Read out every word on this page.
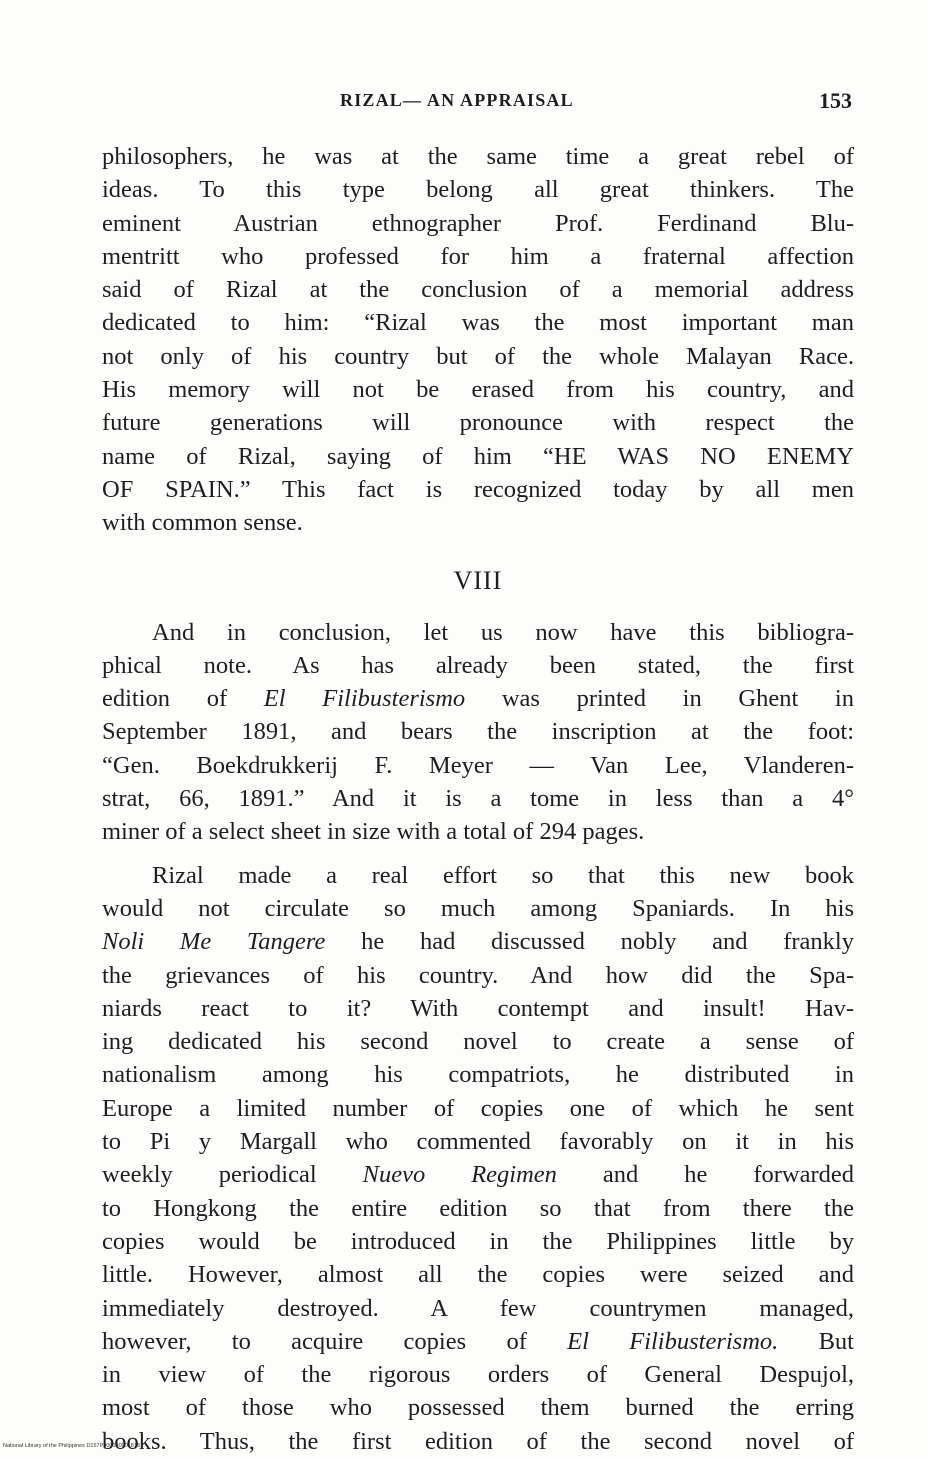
RIZAL— AN APPRAISAL	153
philosophers, he was at the same time a great rebel of
ideas. To this type belong all great thinkers. The
eminent Austrian ethnographer Prof. Ferdinand Blu-
mentritt who professed for him a fraternal affection
said of Rizal at the conclusion of a memorial address
dedicated to him: “Rizal was the most important man
not only of his country but of the whole Malayan Race.
His memory will not be erased from his country, and
future generations will pronounce with respect the
name of Rizal, saying of him “HE WAS NO ENEMY
OF SPAIN.” This fact is recognized today by all men
with common sense.
VIII
And in conclusion, let us now have this bibliogra-
phical note. As has already been stated, the first
edition of El Filibusterismo was printed in Ghent in
September 1891, and bears the inscription at the foot:
“Gen. Boekdrukkerij F. Meyer — Van Lee, Vlanderen-
strat, 66, 1891.” And it is a tome in less than a 4°
miner of a select sheet in size with a total of 294 pages.
Rizal made a real effort so that this new book
would not circulate so much among Spaniards. In his
Noli Me Tangere he had discussed nobly and frankly
the grievances of his country. And how did the Spa-
niards react to it? With contempt and insult! Hav-
ing dedicated his second novel to create a sense of
nationalism among his compatriots, he distributed in
Europe a limited number of copies one of which he sent
to Pi y Margall who commented favorably on it in his
weekly periodical Nuevo Regimen and he forwarded
to Hongkong the entire edition so that from there the
copies would be introduced in the Philippines little by
little. However, almost all the copies were seized and
immediately destroyed. A few countrymen managed,
however, to acquire copies of El Filibusterismo. But
in view of the rigorous orders of General Despujol,
most of those who possessed them burned the erring
books. Thus, the first edition of the second novel of
National Library of the Philippines D157P0001800018181
